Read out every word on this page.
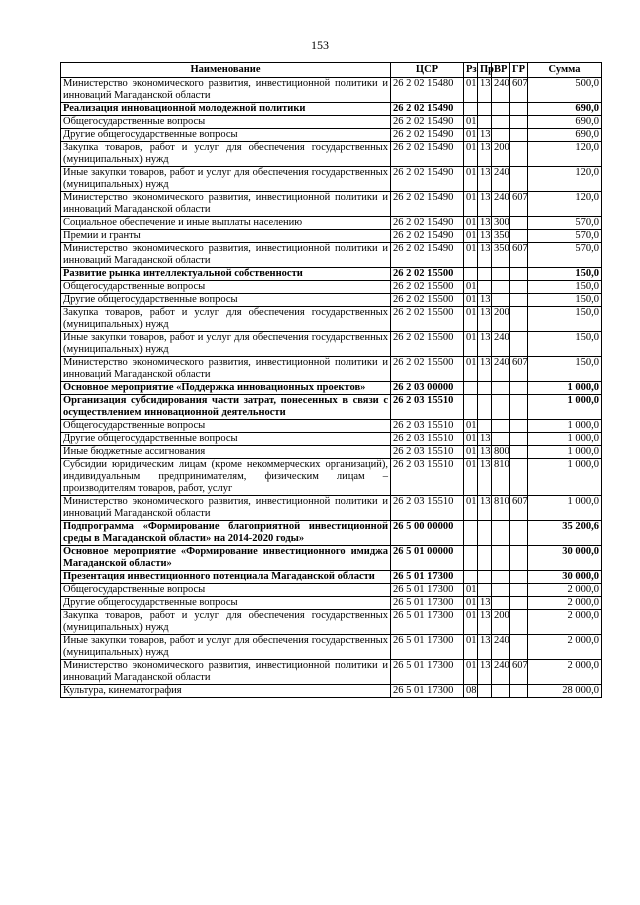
153
Наименование	ЦСР	Рз	Пр	ВР	ГР	Сумма
Министерство экономического развития, инвестиционной политики и инноваций Магаданской области	26 2 02 15480	01	13	240	607	500,0
Реализация инновационной молодежной политики	26 2 02 15490					690,0
Общегосударственные вопросы	26 2 02 15490	01				690,0
Другие общегосударственные вопросы	26 2 02 15490	01	13			690,0
Закупка товаров, работ и услуг для обеспечения государственных (муниципальных) нужд	26 2 02 15490	01	13	200		120,0
Иные закупки товаров, работ и услуг для обеспечения государственных (муниципальных) нужд	26 2 02 15490	01	13	240		120,0
Министерство экономического развития, инвестиционной политики и инноваций Магаданской области	26 2 02 15490	01	13	240	607	120,0
Социальное обеспечение и иные выплаты населению	26 2 02 15490	01	13	300		570,0
Премии и гранты	26 2 02 15490	01	13	350		570,0
Министерство экономического развития, инвестиционной политики и инноваций Магаданской области	26 2 02 15490	01	13	350	607	570,0
Развитие рынка интеллектуальной собственности	26 2 02 15500					150,0
Общегосударственные вопросы	26 2 02 15500	01				150,0
Другие общегосударственные вопросы	26 2 02 15500	01	13			150,0
Закупка товаров, работ и услуг для обеспечения государственных (муниципальных) нужд	26 2 02 15500	01	13	200		150,0
Иные закупки товаров, работ и услуг для обеспечения государственных (муниципальных) нужд	26 2 02 15500	01	13	240		150,0
Министерство экономического развития, инвестиционной политики и инноваций Магаданской области	26 2 02 15500	01	13	240	607	150,0
Основное мероприятие «Поддержка инновационных проектов»	26 2 03 00000					1 000,0
Организация субсидирования части затрат, понесенных в связи с осуществлением инновационной деятельности	26 2 03 15510					1 000,0
Общегосударственные вопросы	26 2 03 15510	01				1 000,0
Другие общегосударственные вопросы	26 2 03 15510	01	13			1 000,0
Иные бюджетные ассигнования	26 2 03 15510	01	13	800		1 000,0
Субсидии юридическим лицам (кроме некоммерческих организаций), индивидуальным предпринимателям, физическим лицам – производителям товаров, работ, услуг	26 2 03 15510	01	13	810		1 000,0
Министерство экономического развития, инвестиционной политики и инноваций Магаданской области	26 2 03 15510	01	13	810	607	1 000,0
Подпрограмма «Формирование благоприятной инвестиционной среды в Магаданской области» на 2014-2020 годы»	26 5 00 00000					35 200,6
Основное мероприятие «Формирование инвестиционного имиджа Магаданской области»	26 5 01 00000					30 000,0
Презентация инвестиционного потенциала Магаданской области	26 5 01 17300					30 000,0
Общегосударственные вопросы	26 5 01 17300	01				2 000,0
Другие общегосударственные вопросы	26 5 01 17300	01	13			2 000,0
Закупка товаров, работ и услуг для обеспечения государственных (муниципальных) нужд	26 5 01 17300	01	13	200		2 000,0
Иные закупки товаров, работ и услуг для обеспечения государственных (муниципальных) нужд	26 5 01 17300	01	13	240		2 000,0
Министерство экономического развития, инвестиционной политики и инноваций Магаданской области	26 5 01 17300	01	13	240	607	2 000,0
Культура, кинематография	26 5 01 17300	08				28 000,0
